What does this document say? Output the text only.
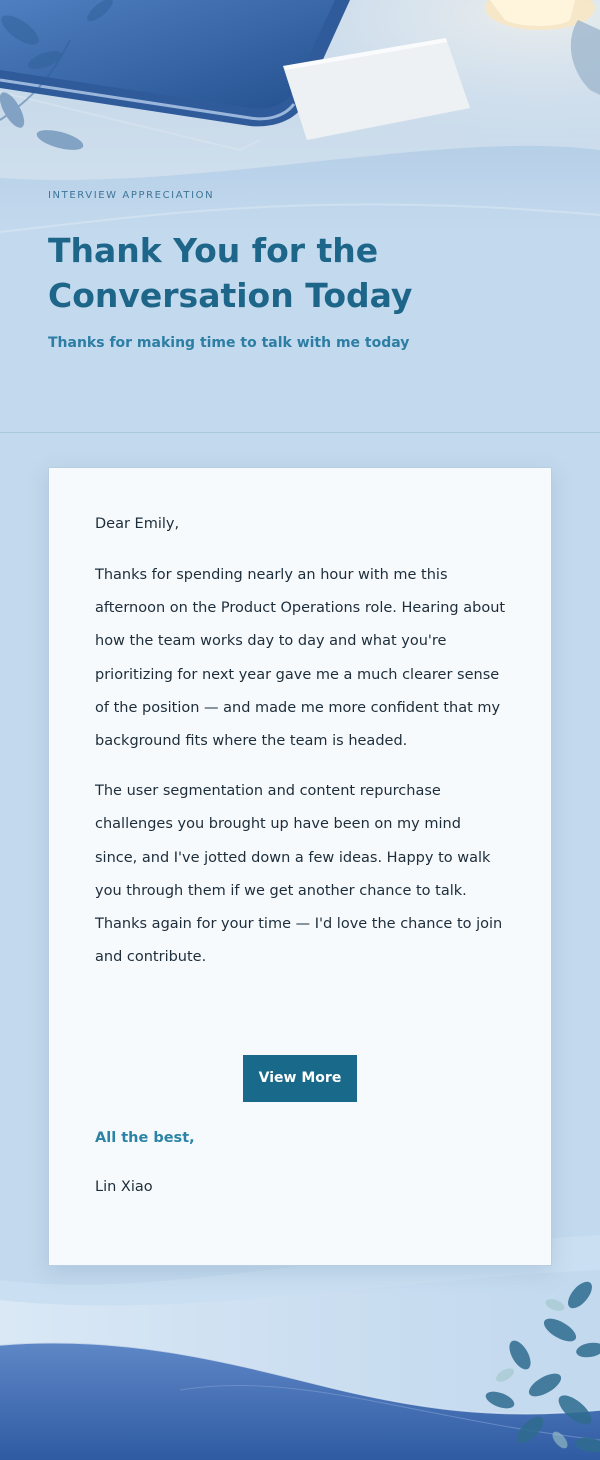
INTERVIEW APPRECIATION
Thank You for the Conversation Today
Thanks for making time to talk with me today

Dear Emily,

Thanks for spending nearly an hour with me this afternoon on the Product Operations role. Hearing about how the team works day to day and what you're prioritizing for next year gave me a much clearer sense of the position — and made me more confident that my background fits where the team is headed.

The user segmentation and content repurchase challenges you brought up have been on my mind since, and I've jotted down a few ideas. Happy to walk you through them if we get another chance to talk. Thanks again for your time — I'd love the chance to join and contribute.

View More
All the best,
Lin Xiao
